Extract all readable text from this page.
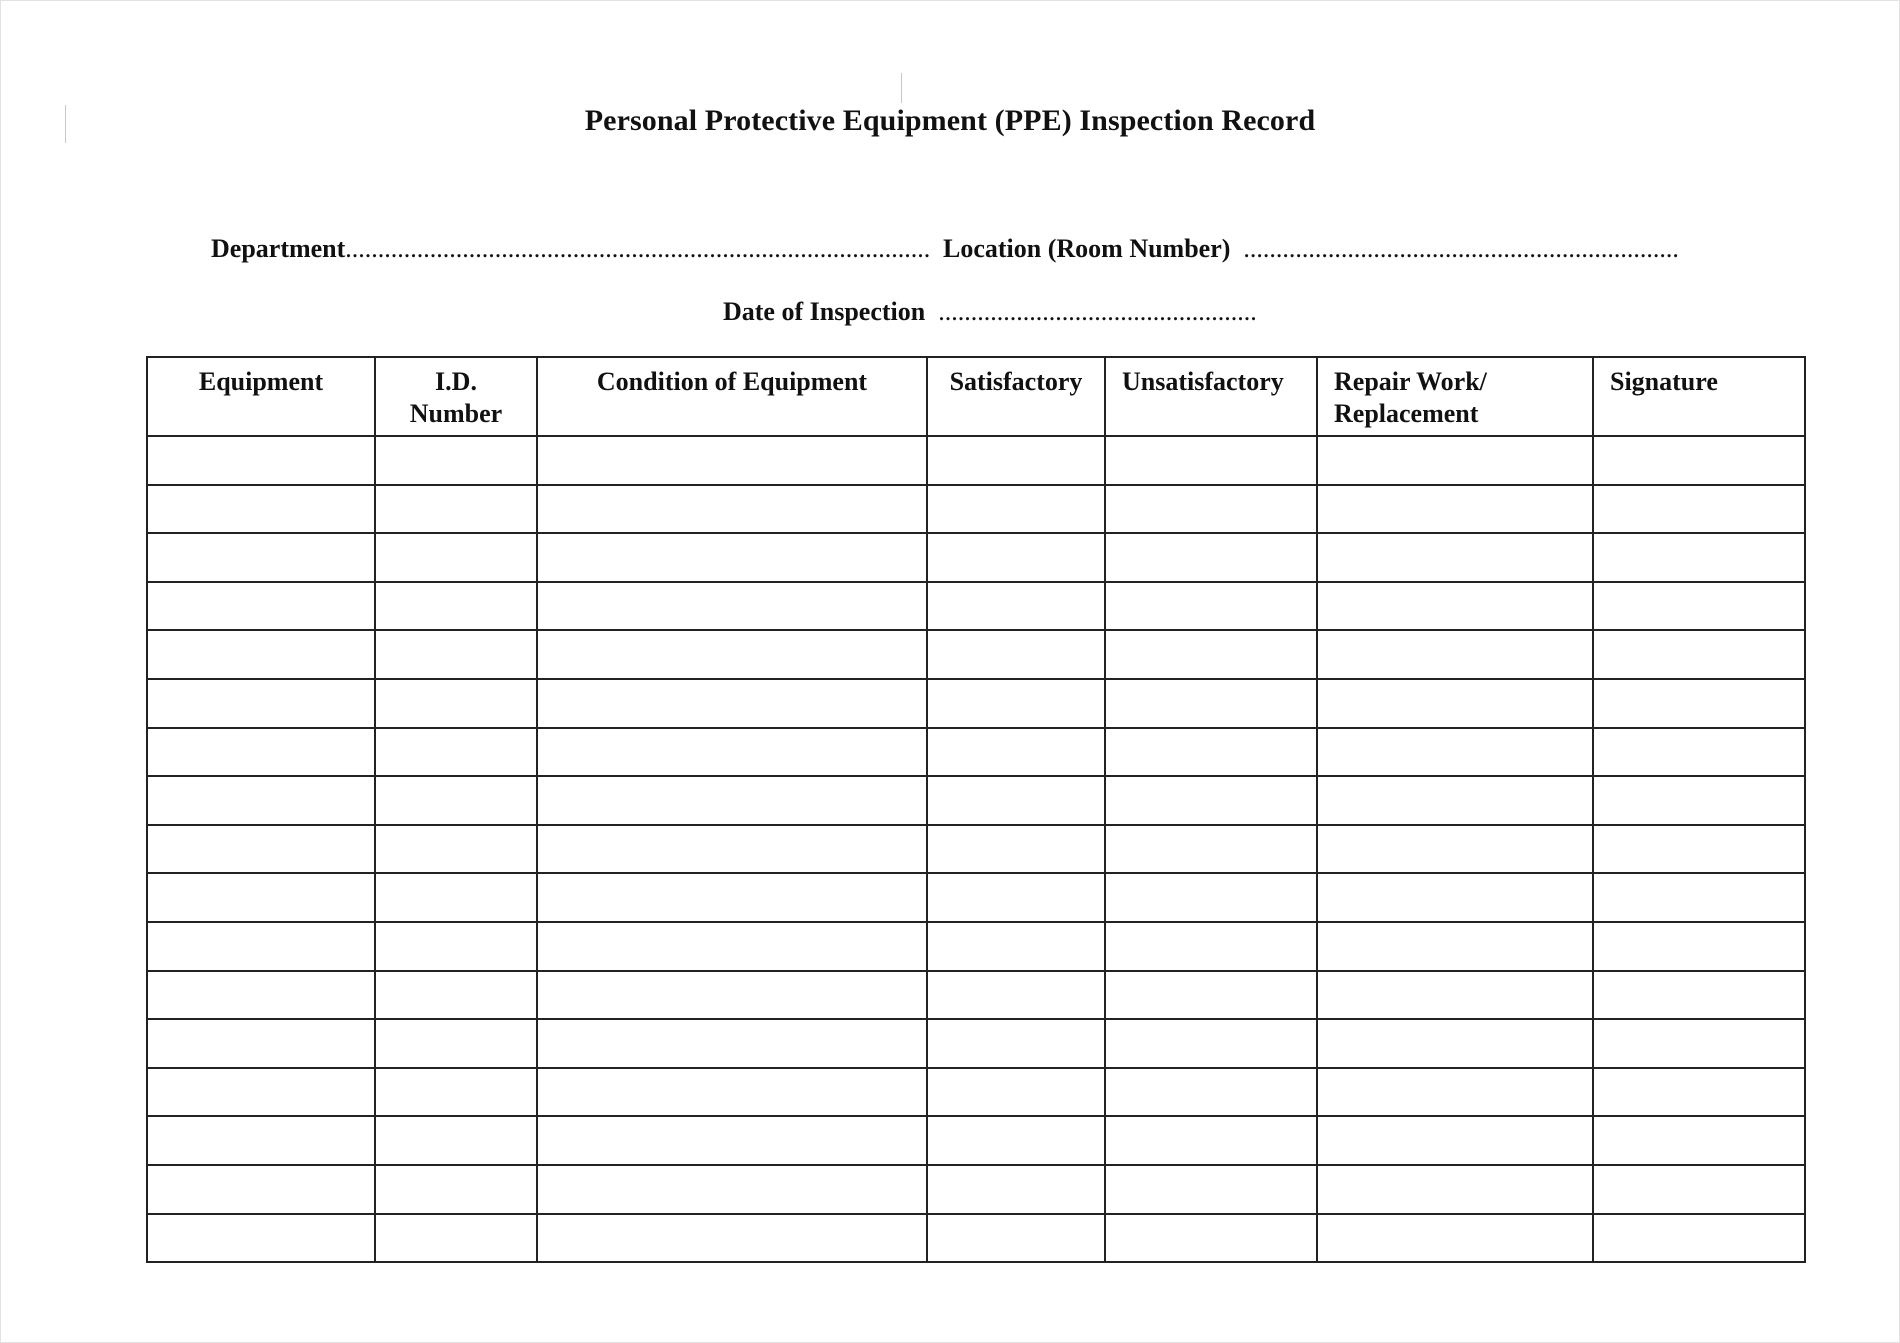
Personal Protective Equipment (PPE) Inspection Record
Department.......................................................................................... Location (Room Number) ...................................................................
Date of Inspection .................................................
Equipment	I.D. Number	Condition of Equipment	Satisfactory	Unsatisfactory	Repair Work/ Replacement	Signature
